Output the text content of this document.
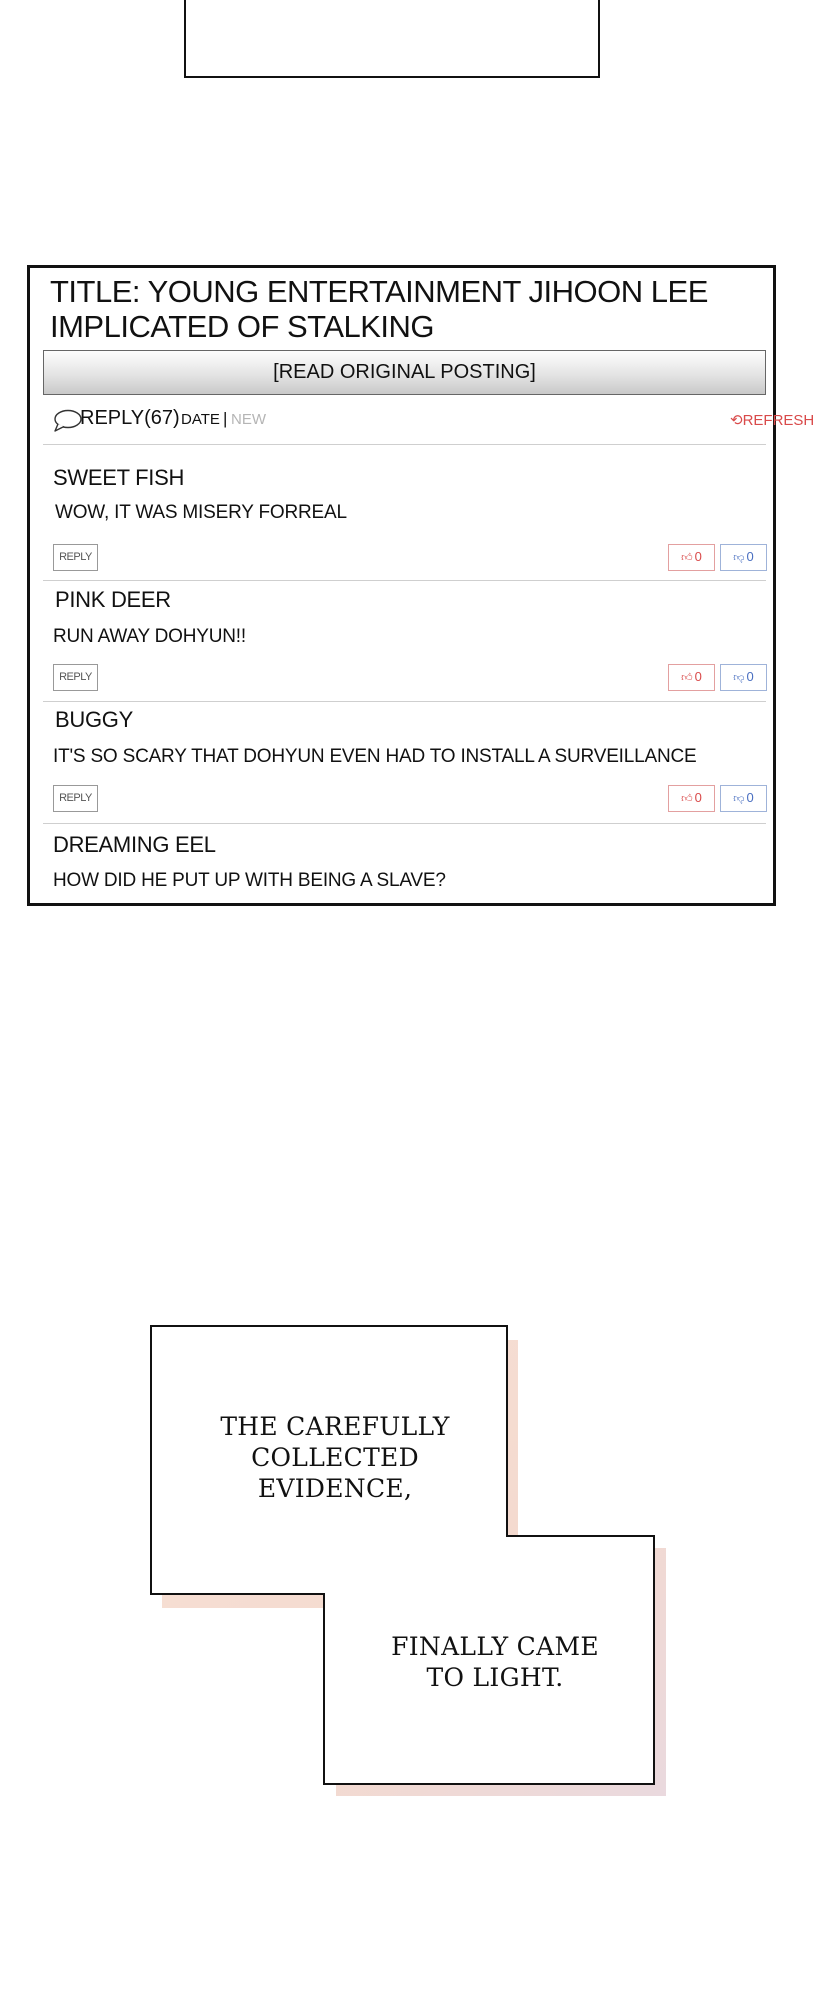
TITLE: YOUNG ENTERTAINMENT JIHOON LEE IMPLICATED OF STALKING
[READ ORIGINAL POSTING]
REPLY(67) DATE | NEW	⟲REFRESH
SWEET FISH
WOW, IT WAS MISERY FORREAL
REPLY	👍︎ 0	👎︎ 0
PINK DEER
RUN AWAY DOHYUN!!
REPLY	👍︎ 0	👎︎ 0
BUGGY
IT'S SO SCARY THAT DOHYUN EVEN HAD TO INSTALL A SURVEILLANCE
REPLY	👍︎ 0	👎︎ 0
DREAMING EEL
HOW DID HE PUT UP WITH BEING A SLAVE?
THE CAREFULLY COLLECTED EVIDENCE,
FINALLY CAME TO LIGHT.
